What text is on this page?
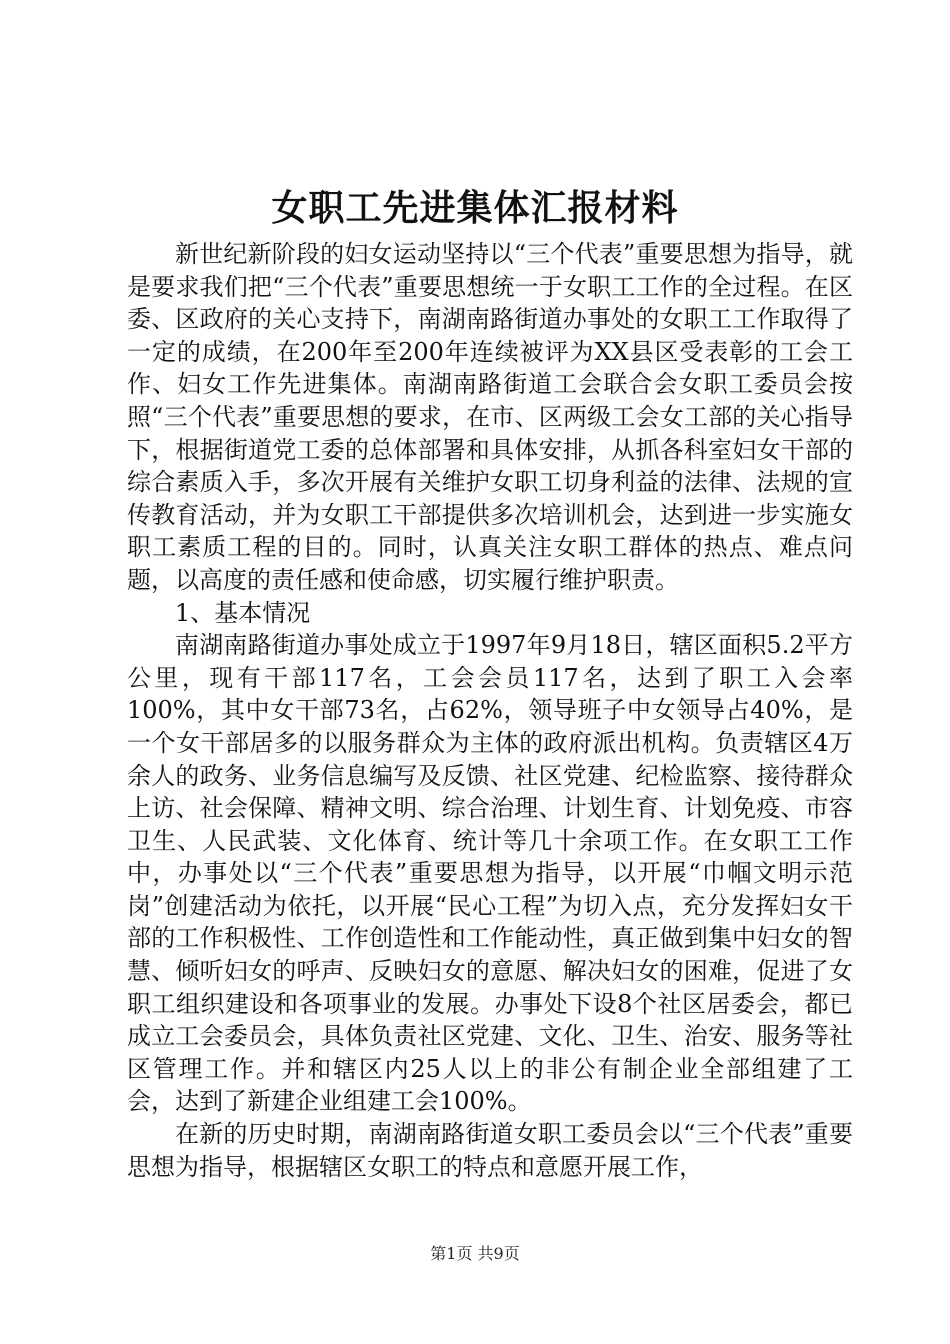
女职工先进集体汇报材料

新世纪新阶段的妇女运动坚持以“三个代表”重要思想为指导，就是要求我们把“三个代表”重要思想统一于女职工工作的全过程。在区委、区政府的关心支持下，南湖南路街道办事处的女职工工作取得了一定的成绩，在200年至200年连续被评为XX县区受表彰的工会工作、妇女工作先进集体。南湖南路街道工会联合会女职工委员会按照“三个代表”重要思想的要求，在市、区两级工会女工部的关心指导下，根据街道党工委的总体部署和具体安排，从抓各科室妇女干部的综合素质入手，多次开展有关维护女职工切身利益的法律、法规的宣传教育活动，并为女职工干部提供多次培训机会，达到进一步实施女职工素质工程的目的。同时，认真关注女职工群体的热点、难点问题，以高度的责任感和使命感，切实履行维护职责。

1、基本情况

南湖南路街道办事处成立于1997年9月18日，辖区面积5.2平方公里，现有干部117名，工会会员117名，达到了职工入会率100%，其中女干部73名，占62%，领导班子中女领导占40%，是一个女干部居多的以服务群众为主体的政府派出机构。负责辖区4万余人的政务、业务信息编写及反馈、社区党建、纪检监察、接待群众上访、社会保障、精神文明、综合治理、计划生育、计划免疫、市容卫生、人民武装、文化体育、统计等几十余项工作。在女职工工作中，办事处以“三个代表”重要思想为指导，以开展“巾帼文明示范岗”创建活动为依托，以开展“民心工程”为切入点，充分发挥妇女干部的工作积极性、工作创造性和工作能动性，真正做到集中妇女的智慧、倾听妇女的呼声、反映妇女的意愿、解决妇女的困难，促进了女职工组织建设和各项事业的发展。办事处下设8个社区居委会，都已成立工会委员会，具体负责社区党建、文化、卫生、治安、服务等社区管理工作。并和辖区内25人以上的非公有制企业全部组建了工会，达到了新建企业组建工会100%。

在新的历史时期，南湖南路街道女职工委员会以“三个代表”重要思想为指导，根据辖区女职工的特点和意愿开展工作，

第1页 共9页
